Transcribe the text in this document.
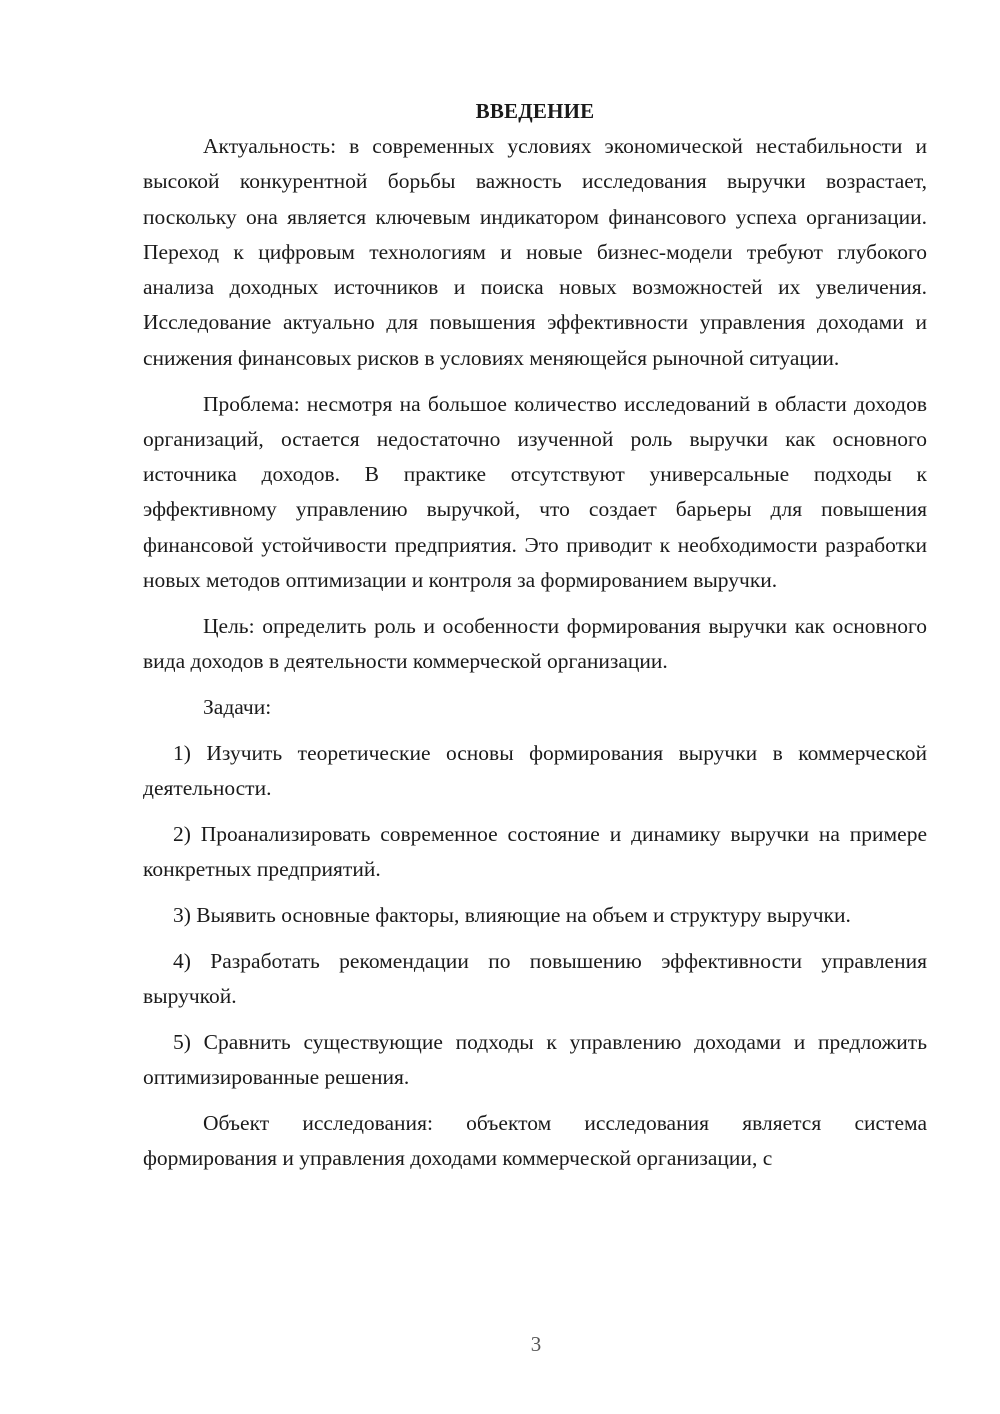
ВВЕДЕНИЕ

Актуальность: в современных условиях экономической нестабильности и высокой конкурентной борьбы важность исследования выручки возрастает, поскольку она является ключевым индикатором финансового успеха организации. Переход к цифровым технологиям и новые бизнес-модели требуют глубокого анализа доходных источников и поиска новых возможностей их увеличения. Исследование актуально для повышения эффективности управления доходами и снижения финансовых рисков в условиях меняющейся рыночной ситуации.

Проблема: несмотря на большое количество исследований в области доходов организаций, остается недостаточно изученной роль выручки как основного источника доходов. В практике отсутствуют универсальные подходы к эффективному управлению выручкой, что создает барьеры для повышения финансовой устойчивости предприятия. Это приводит к необходимости разработки новых методов оптимизации и контроля за формированием выручки.

Цель: определить роль и особенности формирования выручки как основного вида доходов в деятельности коммерческой организации.

Задачи:

1) Изучить теоретические основы формирования выручки в коммерческой деятельности.

2) Проанализировать современное состояние и динамику выручки на примере конкретных предприятий.

3) Выявить основные факторы, влияющие на объем и структуру выручки.

4) Разработать рекомендации по повышению эффективности управления выручкой.

5) Сравнить существующие подходы к управлению доходами и предложить оптимизированные решения.

Объект исследования: объектом исследования является система формирования и управления доходами коммерческой организации, с

3
